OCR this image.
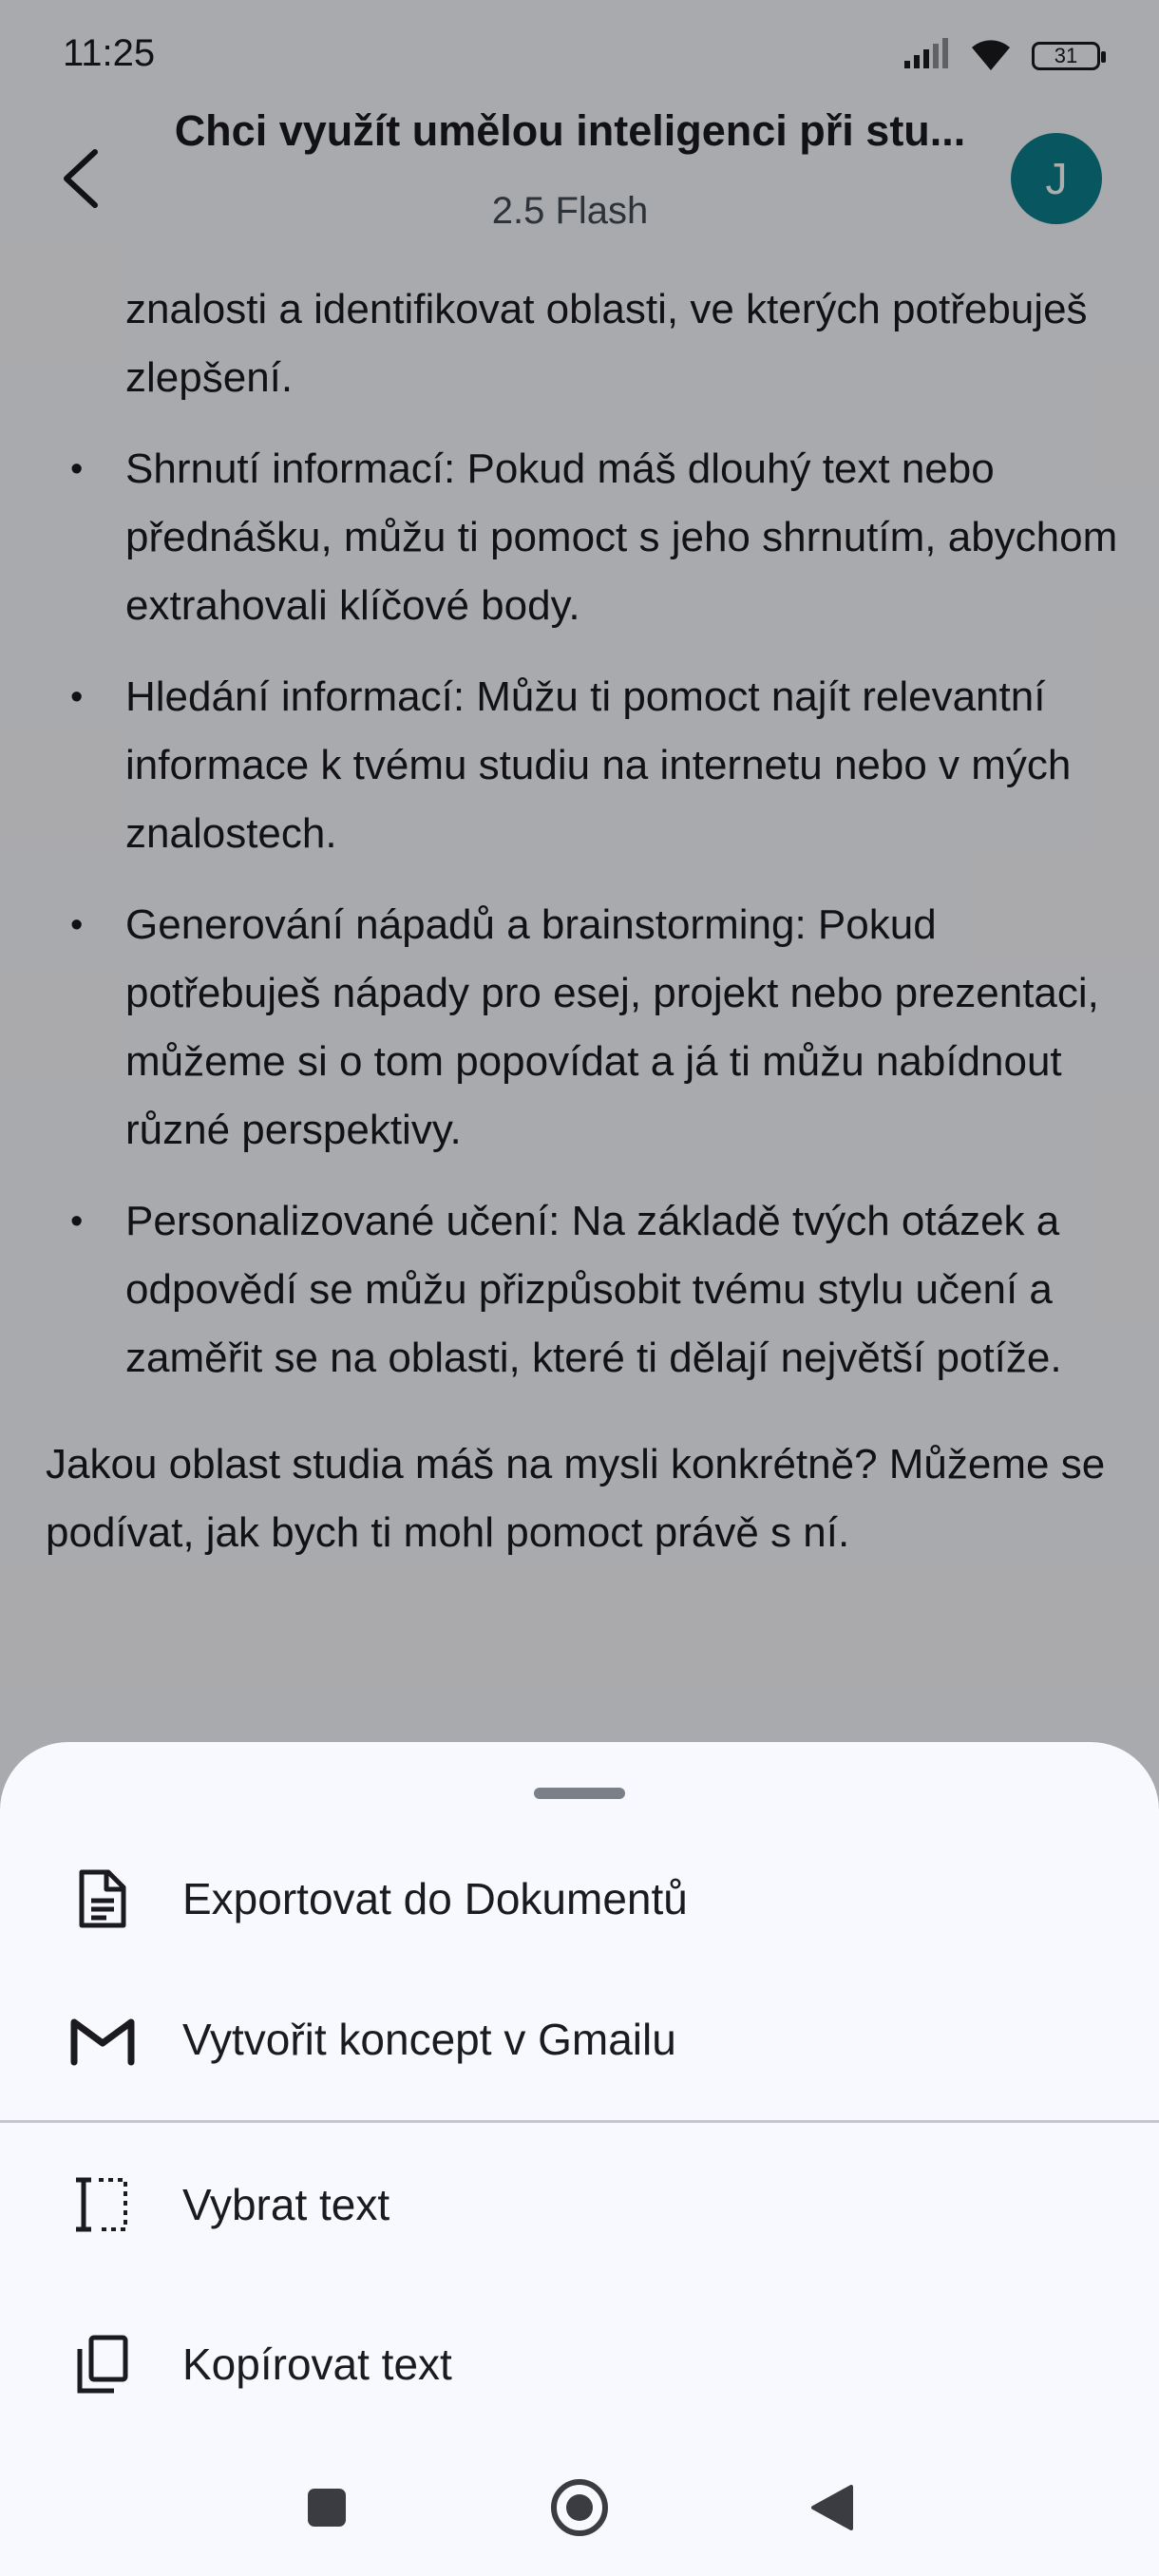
11:25	31
Chci využít umělou inteligenci při stu...
2.5 Flash
J
znalosti a identifikovat oblasti, ve kterých potřebuješ zlepšení.
• Shrnutí informací: Pokud máš dlouhý text nebo přednášku, můžu ti pomoct s jeho shrnutím, abychom extrahovali klíčové body.
• Hledání informací: Můžu ti pomoct najít relevantní informace k tvému studiu na internetu nebo v mých znalostech.
• Generování nápadů a brainstorming: Pokud potřebuješ nápady pro esej, projekt nebo prezentaci, můžeme si o tom popovídat a já ti můžu nabídnout různé perspektivy.
• Personalizované učení: Na základě tvých otázek a odpovědí se můžu přizpůsobit tvému stylu učení a zaměřit se na oblasti, které ti dělají největší potíže.
Jakou oblast studia máš na mysli konkrétně? Můžeme se podívat, jak bych ti mohl pomoct právě s ní.
Exportovat do Dokumentů
Vytvořit koncept v Gmailu
Vybrat text
Kopírovat text
